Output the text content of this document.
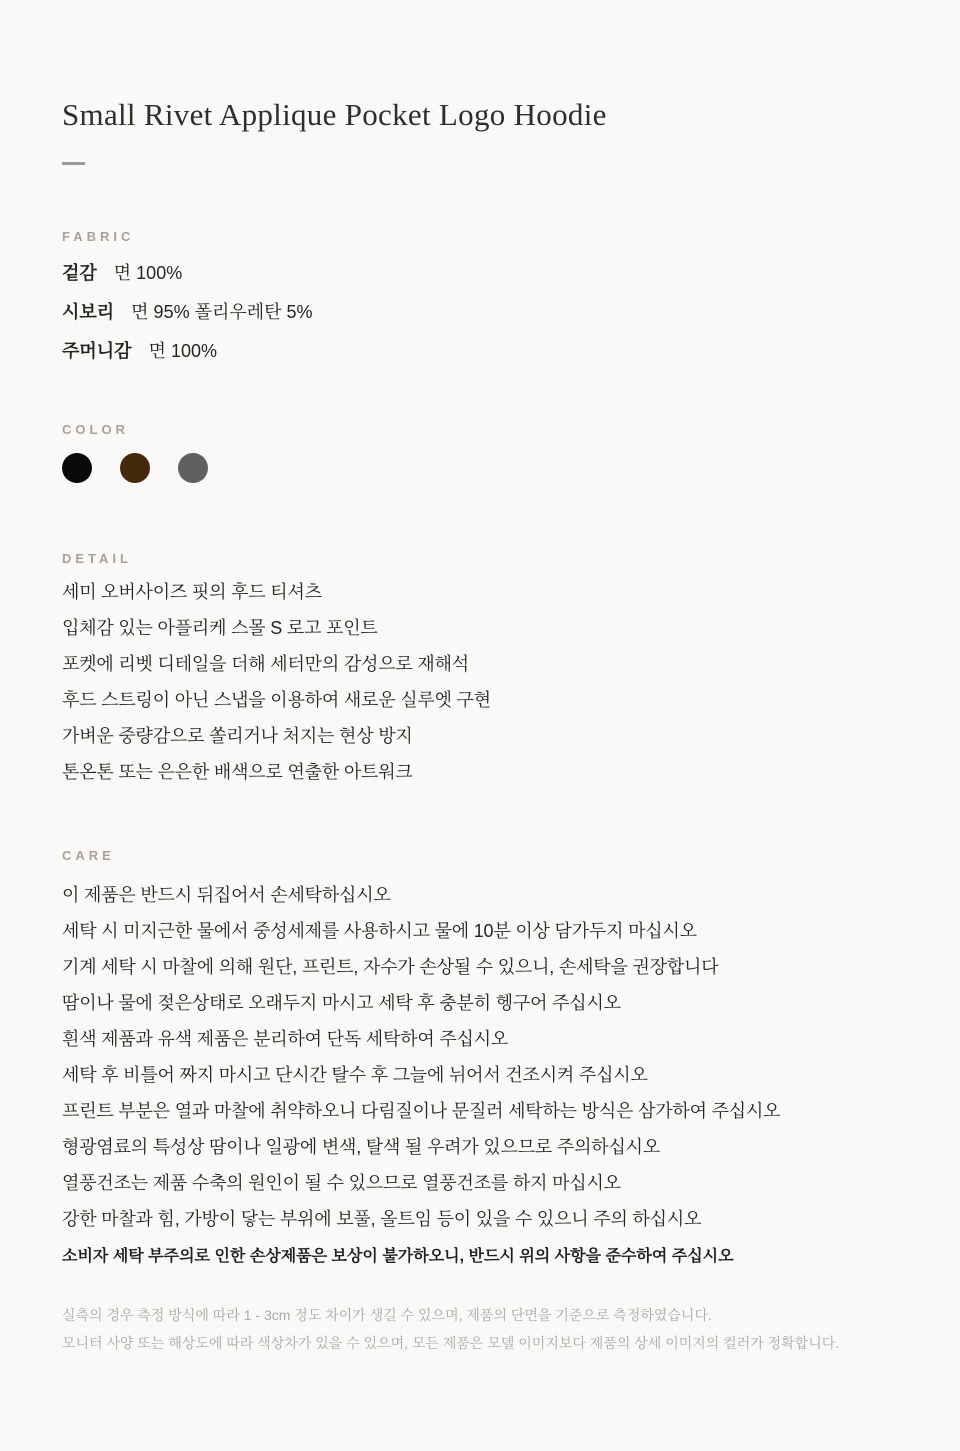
Small Rivet Applique Pocket Logo Hoodie
FABRIC
겉감 면 100%
시보리 면 95% 폴리우레탄 5%
주머니감 면 100%
COLOR
DETAIL

세미 오버사이즈 핏의 후드 티셔츠

입체감 있는 아플리케 스몰 S 로고 포인트

포켓에 리벳 디테일을 더해 세터만의 감성으로 재해석

후드 스트링이 아닌 스냅을 이용하여 새로운 실루엣 구현

가벼운 중량감으로 쏠리거나 처지는 현상 방지

톤온톤 또는 은은한 배색으로 연출한 아트워크

CARE

이 제품은 반드시 뒤집어서 손세탁하십시오

세탁 시 미지근한 물에서 중성세제를 사용하시고 물에 10분 이상 담가두지 마십시오

기계 세탁 시 마찰에 의해 원단, 프린트, 자수가 손상될 수 있으니, 손세탁을 권장합니다

땀이나 물에 젖은상태로 오래두지 마시고 세탁 후 충분히 헹구어 주십시오

흰색 제품과 유색 제품은 분리하여 단독 세탁하여 주십시오

세탁 후 비틀어 짜지 마시고 단시간 탈수 후 그늘에 뉘어서 건조시켜 주십시오

프린트 부분은 열과 마찰에 취약하오니 다림질이나 문질러 세탁하는 방식은 삼가하여 주십시오

형광염료의 특성상 땀이나 일광에 변색, 탈색 될 우려가 있으므로 주의하십시오

열풍건조는 제품 수축의 원인이 될 수 있으므로 열풍건조를 하지 마십시오

강한 마찰과 힘, 가방이 닿는 부위에 보풀, 올트임 등이 있을 수 있으니 주의 하십시오

소비자 세탁 부주의로 인한 손상제품은 보상이 불가하오니, 반드시 위의 사항을 준수하여 주십시오

실측의 경우 측정 방식에 따라 1 - 3cm 정도 차이가 생길 수 있으며, 제품의 단면을 기준으로 측정하였습니다.

모니터 사양 또는 해상도에 따라 색상차가 있을 수 있으며, 모든 제품은 모델 이미지보다 제품의 상세 이미지의 컬러가 정확합니다.
